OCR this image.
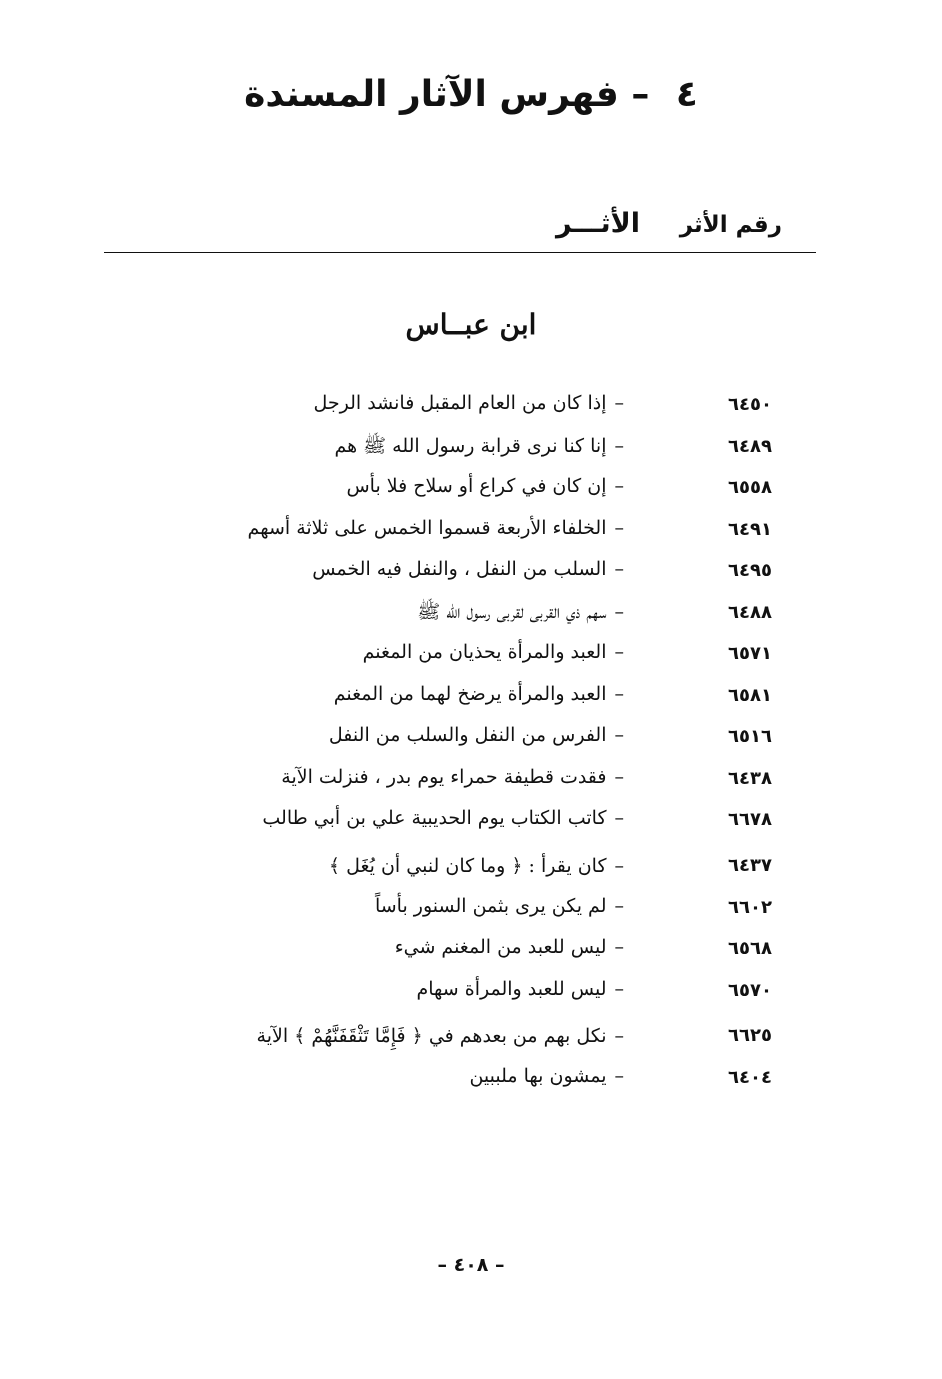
٤ – فهرس الآثار المسندة
رقم الأثر
الأثـــر
ابن عبــاس
٦٤٥٠
–إذا كان من العام المقبل فانشد الرجل
٦٤٨٩
–إنا كنا نرى قرابة رسول الله ﷺ هم
٦٥٥٨
–إن كان في كراع أو سلاح فلا بأس
٦٤٩١
–الخلفاء الأربعة قسموا الخمس على ثلاثة أسهم
٦٤٩٥
–السلب من النفل ، والنفل فيه الخمس
٦٤٨٨
–سهم ذي القربى لقربى رسول الله ﷺ
٦٥٧١
–العبد والمرأة يحذيان من المغنم
٦٥٨١
–العبد والمرأة يرضخ لهما من المغنم
٦٥١٦
–الفرس من النفل والسلب من النفل
٦٤٣٨
–فقدت قطيفة حمراء يوم بدر ، فنزلت الآية
٦٦٧٨
–كاتب الكتاب يوم الحديبية علي بن أبي طالب
٦٤٣٧
–كان يقرأ : ﴿ وما كان لنبي أن يُغَل ﴾
٦٦٠٢
–لم يكن يرى بثمن السنور بأساً
٦٥٦٨
–ليس للعبد من المغنم شيء
٦٥٧٠
–ليس للعبد والمرأة سهام
٦٦٢٥
–نكل بهم من بعدهم في ﴿ فَإِمَّا تَثْقَفَنَّهُمْ ﴾ الآية
٦٤٠٤
–يمشون بها ملببين
– ٤٠٨ –
